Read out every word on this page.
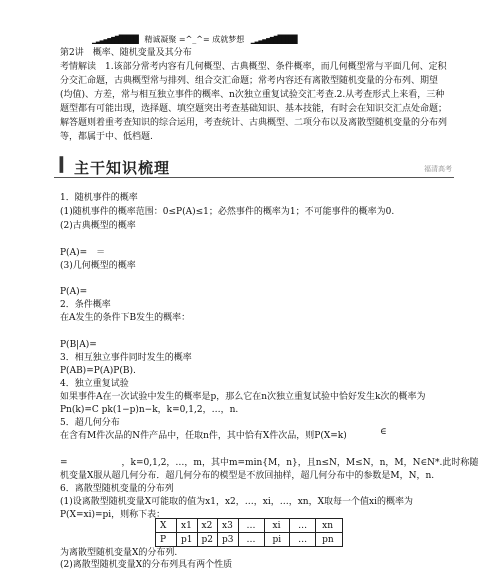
▁▂▃▄▅▆▇█████ 精诚凝聚 =^_^= 成就梦想 ▁▂▃▄▅▆▇█████
第2讲　概率、随机变量及其分布
考情解读　1.该部分常考内容有几何概型、古典概型、条件概率，而几何概型常与平面几何、定积
分交汇命题，古典概型常与排列、组合交汇命题；常考内容还有离散型随机变量的分布列、期望
(均值)、方差，常与相互独立事件的概率、n次独立重复试验交汇考查.2.从考查形式上来看，三种
题型都有可能出现，选择题、填空题突出考查基础知识、基本技能，有时会在知识交汇点处命题；
解答题则着重考查知识的综合运用，考查统计、古典概型、二项分布以及离散型随机变量的分布列
等，都属于中、低档题.
主干知识梳理	福清高考
1．随机事件的概率
(1)随机事件的概率范围：0≤P(A)≤1；必然事件的概率为1；不可能事件的概率为0.
(2)古典概型的概率
P(A)=　＝
(3)几何概型的概率
P(A)=
2．条件概率
在A发生的条件下B发生的概率：
P(B|A)=
3．相互独立事件同时发生的概率
P(AB)=P(A)P(B).
4．独立重复试验
如果事件A在一次试验中发生的概率是p，那么它在n次独立重复试验中恰好发生k次的概率为
Pn(k)=C pk(1−p)n−k，k=0,1,2，…，n.
5．超几何分布
在含有M件次品的N件产品中，任取n件，其中恰有X件次品，则P(X=k)	∈
=　　　　　　，k=0,1,2，…，m，其中m=min{M，n}，且n≤N，M≤N，n，M，N∈N*.此时称随
机变量X服从超几何分布．超几何分布的模型是不放回抽样，超几何分布中的参数是M，N，n.
6．离散型随机变量的分布列
(1)设离散型随机变量X可能取的值为x1，x2，…，xi，…，xn，X取每一个值xi的概率为
P(X=xi)=pi，则称下表：
X	x1	x2	x3	…	xi	…	xn
P	p1	p2	p3	…	pi	…	pn
为离散型随机变量X的分布列.
(2)离散型随机变量X的分布列具有两个性质
